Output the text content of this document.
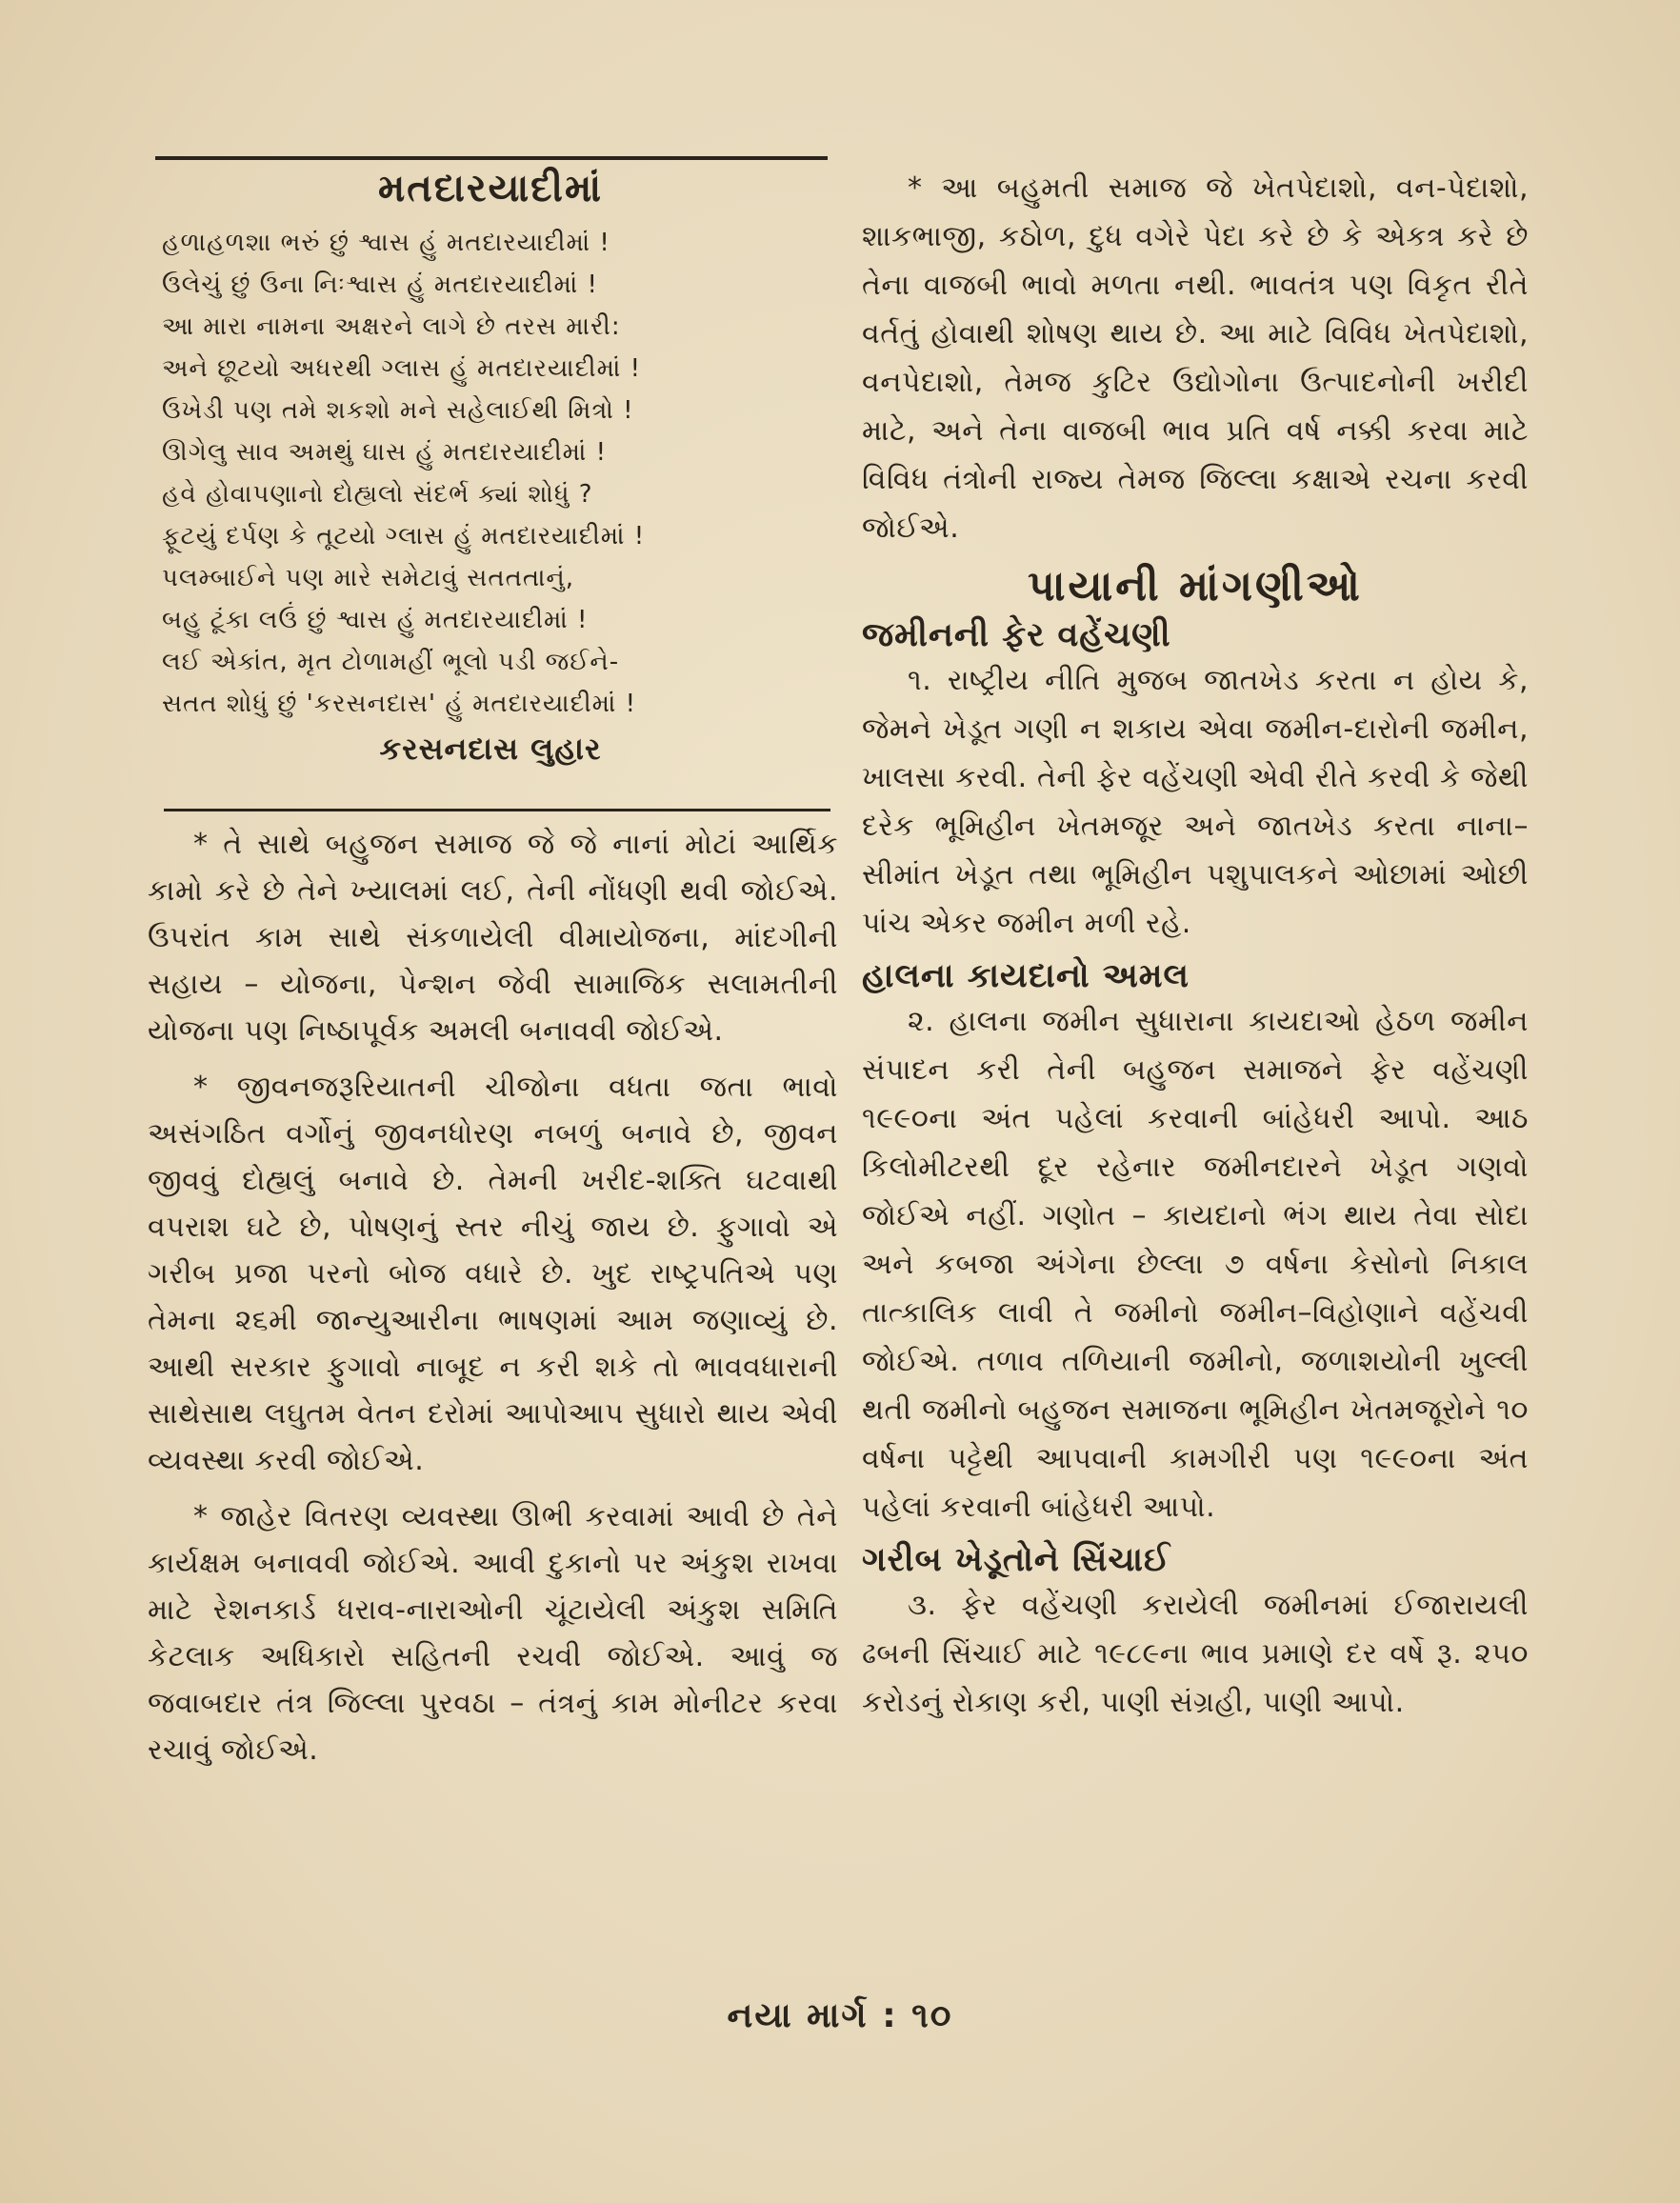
મતદારયાદીમાં
હળાહળશા ભરું છું શ્વાસ હું મતદારયાદીમાં !
ઉલેચું છું ઉના નિઃશ્વાસ હું મતદારયાદીમાં !
આ મારા નામના અક્ષરને લાગે છે તરસ મારી:
અને છૂટયો અધરથી ગ્લાસ હું મતદારયાદીમાં !
ઉખેડી પણ તમે શકશો મને સહેલાઈથી મિત્રો !
ઊગેલુ સાવ અમથું ઘાસ હું મતદારયાદીમાં !
હવે હોવાપણાનો દોહ્યલો સંદર્ભ ક્યાં શોધું ?
ફૂટયું દર્પણ કે તૂટયો ગ્લાસ હું મતદારયાદીમાં !
પલમ્બાઈને પણ મારે સમેટાવું સતતતાનું,
બહુ ટૂંકા લઉં છું શ્વાસ હું મતદારયાદીમાં !
લઈ એકાંત, મૃત ટોળામહીં ભૂલો પડી જઈને-
સતત શોધું છું 'કરસનદાસ' હું મતદારયાદીમાં !
કરસનદાસ લુહાર

* તે સાથે બહુજન સમાજ જે જે નાનાં મોટાં આર્થિક કામો કરે છે તેને ખ્યાલમાં લઈ, તેની નોંધણી થવી જોઈએ. ઉપરાંત કામ સાથે સંકળાયેલી વીમાયોજના, માંદગીની સહાય – યોજના, પેન્શન જેવી સામાજિક સલામતીની યોજના પણ નિષ્ઠાપૂર્વક અમલી બનાવવી જોઈએ.

* જીવનજરૂરિયાતની ચીજોના વધતા જતા ભાવો અસંગઠિત વર્ગોનું જીવનધોરણ નબળું બનાવે છે, જીવન જીવવું દોહ્યલું બનાવે છે. તેમની ખરીદ-શક્તિ ઘટવાથી વપરાશ ઘટે છે, પોષણનું સ્તર નીચું જાય છે. ફુગાવો એ ગરીબ પ્રજા પરનો બોજ વધારે છે. ખુદ રાષ્ટ્રપતિએ પણ તેમના ૨૬મી જાન્યુઆરીના ભાષણમાં આમ જણાવ્યું છે. આથી સરકાર ફુગાવો નાબૂદ ન કરી શકે તો ભાવવધારાની સાથેસાથ લઘુતમ વેતન દરોમાં આપોઆપ સુધારો થાય એવી વ્યવસ્થા કરવી જોઈએ.

* જાહેર વિતરણ વ્યવસ્થા ઊભી કરવામાં આવી છે તેને કાર્યક્ષમ બનાવવી જોઈએ. આવી દુકાનો પર અંકુશ રાખવા માટે રેશનકાર્ડ ધરાવ-નારાઓની ચૂંટાયેલી અંકુશ સમિતિ કેટલાક અધિકારો સહિતની રચવી જોઈએ. આવું જ જવાબદાર તંત્ર જિલ્લા પુરવઠા – તંત્રનું કામ મોનીટર કરવા રચાવું જોઈએ.

* આ બહુમતી સમાજ જે ખેતપેદાશો, વન-પેદાશો, શાકભાજી, કઠોળ, દુધ વગેરે પેદા કરે છે કે એકત્ર કરે છે તેના વાજબી ભાવો મળતા નથી. ભાવતંત્ર પણ વિકૃત રીતે વર્તતું હોવાથી શોષણ થાય છે. આ માટે વિવિધ ખેતપેદાશો, વનપેદાશો, તેમજ કુટિર ઉદ્યોગોના ઉત્પાદનોની ખરીદી માટે, અને તેના વાજબી ભાવ પ્રતિ વર્ષ નક્કી કરવા માટે વિવિધ તંત્રોની રાજ્ય તેમજ જિલ્લા કક્ષાએ રચના કરવી જોઈએ.

પાયાની માંગણીઓ
જમીનની ફેર વહેંચણી

૧. રાષ્ટ્રીય નીતિ મુજબ જાતખેડ કરતા ન હોય કે, જેમને ખેડૂત ગણી ન શકાય એવા જમીન-દારોની જમીન, ખાલસા કરવી. તેની ફેર વહેંચણી એવી રીતે કરવી કે જેથી દરેક ભૂમિહીન ખેતમજૂર અને જાતખેડ કરતા નાના–સીમાંત ખેડૂત તથા ભૂમિહીન પશુપાલકને ઓછામાં ઓછી પાંચ એકર જમીન મળી રહે.

હાલના કાયદાનો અમલ

૨. હાલના જમીન સુધારાના કાયદાઓ હેઠળ જમીન સંપાદન કરી તેની બહુજન સમાજને ફેર વહેંચણી ૧૯૯૦ના અંત પહેલાં કરવાની બાંહેધરી આપો. આઠ કિલોમીટરથી દૂર રહેનાર જમીનદારને ખેડૂત ગણવો જોઈએ નહીં. ગણોત – કાયદાનો ભંગ થાય તેવા સોદા અને કબજા અંગેના છેલ્લા ૭ વર્ષના કેસોનો નિકાલ તાત્કાલિક લાવી તે જમીનો જમીન–વિહોણાને વહેંચવી જોઈએ. તળાવ તળિયાની જમીનો, જળાશયોની ખુલ્લી થતી જમીનો બહુજન સમાજના ભૂમિહીન ખેતમજૂરોને ૧૦ વર્ષના પટ્ટેથી આપવાની કામગીરી પણ ૧૯૯૦ના અંત પહેલાં કરવાની બાંહેધરી આપો.

ગરીબ ખેડૂતોને સિંચાઈ

૩. ફેર વહેંચણી કરાયેલી જમીનમાં ઈજારાયલી ઢબની સિંચાઈ માટે ૧૯૮૯ના ભાવ પ્રમાણે દર વર્ષે રૂ. ૨૫૦ કરોડનું રોકાણ કરી, પાણી સંગ્રહી, પાણી આપો.

નયા માર્ગ : ૧૦
